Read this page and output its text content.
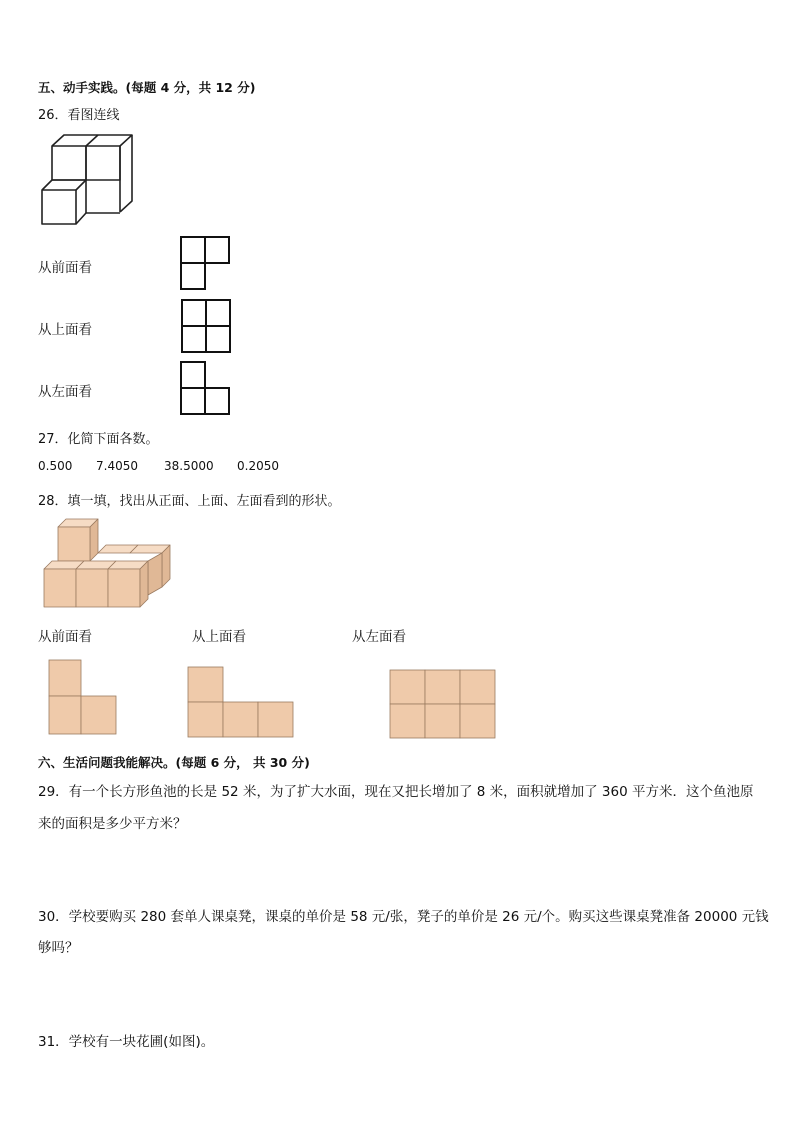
五、动手实践。(每题 4 分，共 12 分)
26．看图连线
从前面看
从上面看
从左面看
27．化简下面各数。
0.500 7.4050 38.5000 0.2050
28．填一填，找出从正面、上面、左面看到的形状。
从前面看	从上面看	从左面看
六、生活问题我能解决。(每题 6 分， 共 30 分)
29．有一个长方形鱼池的长是 52 米，为了扩大水面，现在又把长增加了 8 米，面积就增加了 360 平方米．这个鱼池原
来的面积是多少平方米？
30．学校要购买 280 套单人课桌凳，课桌的单价是 58 元/张，凳子的单价是 26 元/个。购买这些课桌凳准备 20000 元钱
够吗？
31．学校有一块花圃(如图)。
